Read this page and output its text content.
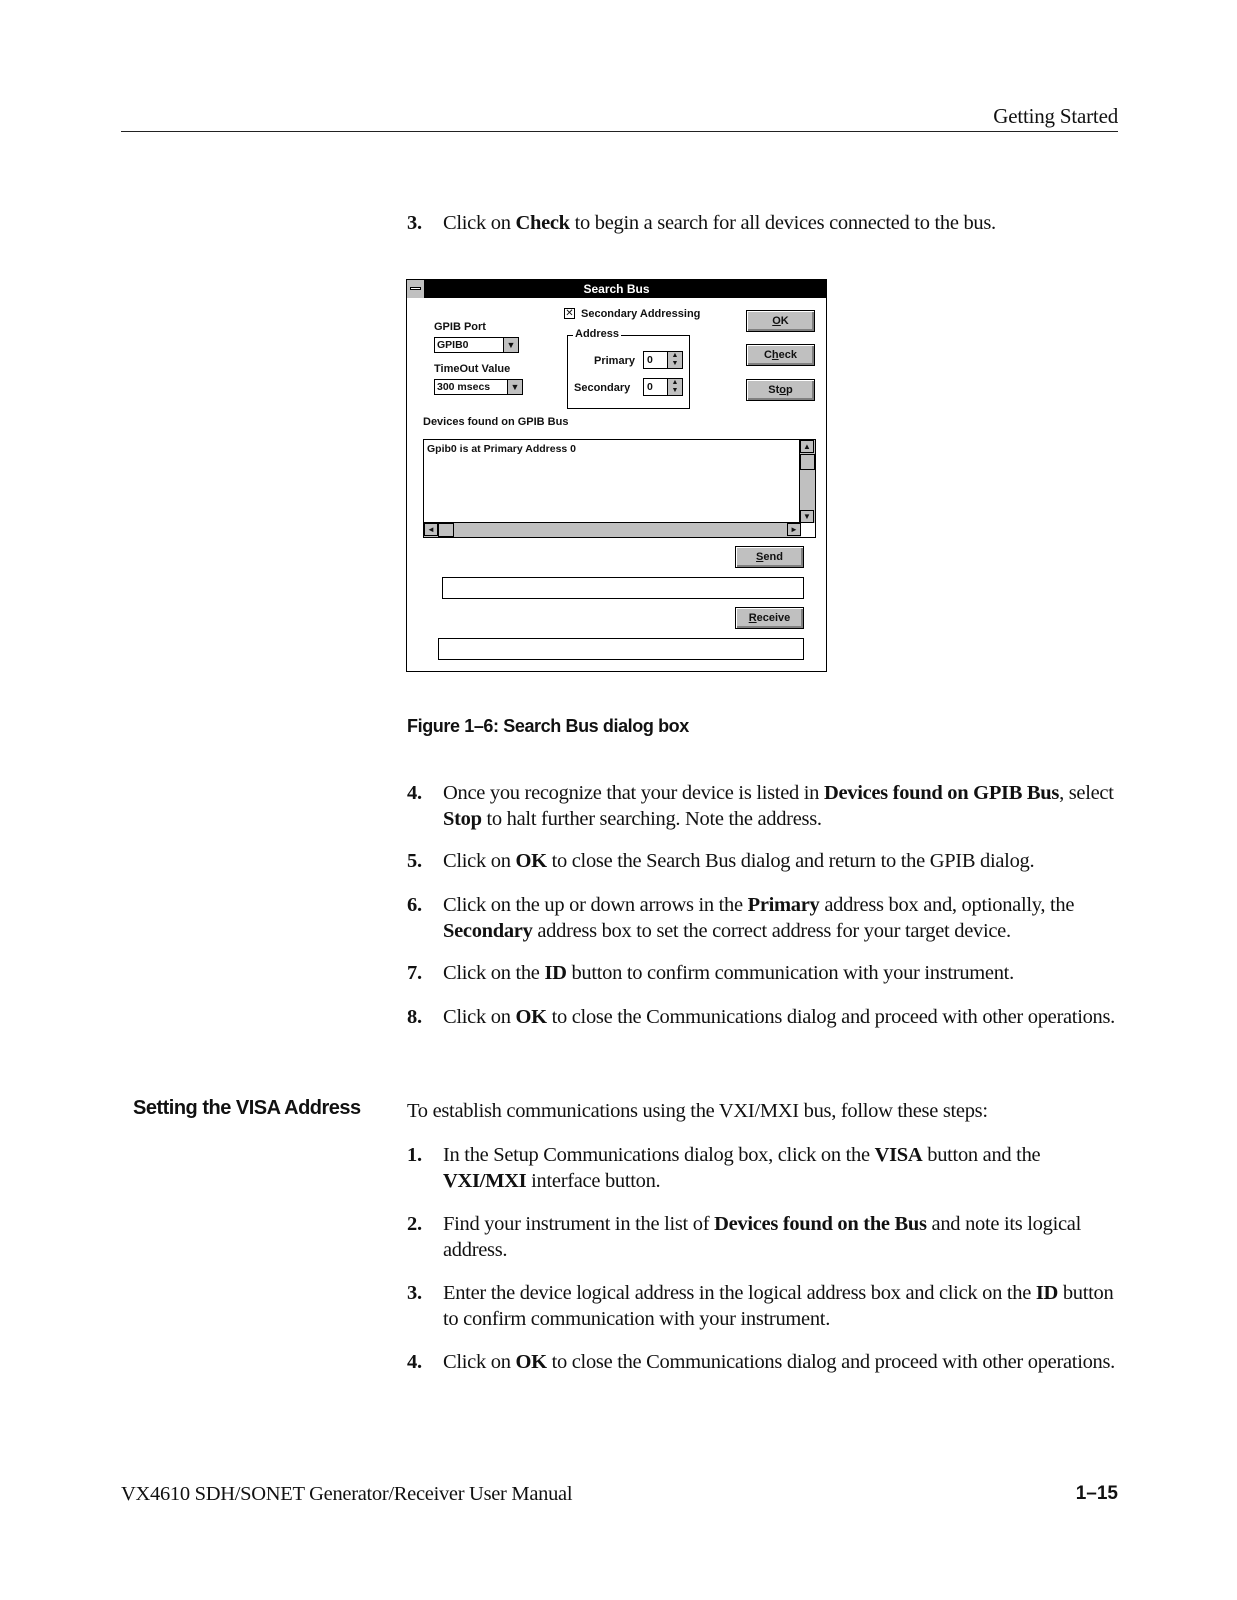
Getting Started
3. Click on Check to begin a search for all devices connected to the bus.
Search Bus
✕ Secondary Addressing
GPIB Port
GPIB0	▼
TimeOut Value
300 msecs	▼
Address
Primary 0	▲
▼
Secondary 0	▲
▼
OK
Check
Stop
Devices found on GPIB Bus
Gpib0 is at Primary Address 0	▲
▼
◄	►
Send
Receive
Figure 1–6: Search Bus dialog box
4. Once you recognize that your device is listed in Devices found on GPIB Bus, select Stop to halt further searching. Note the address.
5. Click on OK to close the Search Bus dialog and return to the GPIB dialog.
6. Click on the up or down arrows in the Primary address box and, optionally, the Secondary address box to set the correct address for your target device.
7. Click on the ID button to confirm communication with your instrument.
8. Click on OK to close the Communications dialog and proceed with other operations.
Setting the VISA Address To establish communications using the VXI/MXI bus, follow these steps:
1. In the Setup Communications dialog box, click on the VISA button and the VXI/MXI interface button.
2. Find your instrument in the list of Devices found on the Bus and note its logical address.
3. Enter the device logical address in the logical address box and click on the ID button to confirm communication with your instrument.
4. Click on OK to close the Communications dialog and proceed with other operations.
VX4610 SDH/SONET Generator/Receiver User Manual	1–15
